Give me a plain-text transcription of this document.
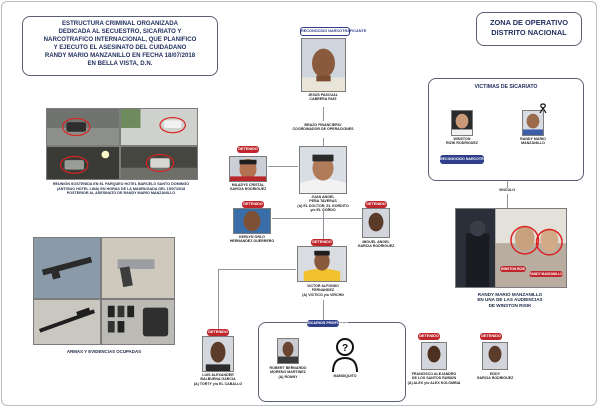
ESTRUCTURA CRIMINAL ORGANIZADA
DEDICADA AL SECUESTRO, SICARIATO Y
NARCOTRAFICO INTERNACIONAL, QUE PLANIFICO
Y EJECUTO EL ASESINATO DEL CUIDADANO
RANDY MARIO MANZANILLO EN FECHA 18/07/2018
EN BELLA VISTA, D.N.
ZONA DE OPERATIVO
DISTRITO NACIONAL
RECONOCIDO NARCOTRAFICANTE
JESÚS PASCUAL
CABRERA RUIZ
BRAZO FINANCIERO/
COORDINADOR DE OPERACIONES
JUAN ANGEL
PEÑA TAVERAS
(A) EL DOCTOR, EL GORDITO
y/o EL GORDO
DETENIDO
MILADYS CRISTAL
GARCIA RODRIGUEZ
DETENIDO
KERLYN ORLO
HERNANDEZ GUERRERO
DETENIDO
MIGUEL ANGEL
GARCIA RODRIGUEZ
DETENIDO
VICTOR ALFONSO
FERNANDEZ
(A) VICTICO y/o VIRCHN
DETENIDO
LUIS ALEXANDER
BALBUENA GARCIA
(A) TORTY y/o EL CABALLO
SICARIOS PROFUGOS
ROBERT BERNARDO
MORENO MARTINEZ
(A) RONNY
?
MANDIQUITO
DETENIDO
FRANCISCO ALEJANDRO
DE LOS SANTOS RUBIÚN
(A) ALEX y/o ALEX KOLOMBIA
DETENIDO
EDDY
GARCIA RODRIGUEZ
VICTIMAS DE SICARIATO
WINSTON
RIZIK RODRIGUEZ
RANDY MARIO
MANZANILLO
RECONOCIDO NARCOTRAFICANTE
VINCULO
WINSTON RIZIK
RANDY MANZANILLO
RANDY MARIO MANZANILLO
EN UNA DE LAS AUDIENCIAS
DE WINSTON RISIK
REUNIÓN SOSTENIDA EN EL PARQUEO HOTEL BARCELO SANTO DOMINGO
(ANTIGUO HOTEL LINA) EN HORAS DE LA MADRUGADA DEL 19/07/2018
POSTERIOR AL ASESINATO DE RANDY MARIO MANZANILLO
ARMAS Y EVIDENCIAS OCUPADAS
